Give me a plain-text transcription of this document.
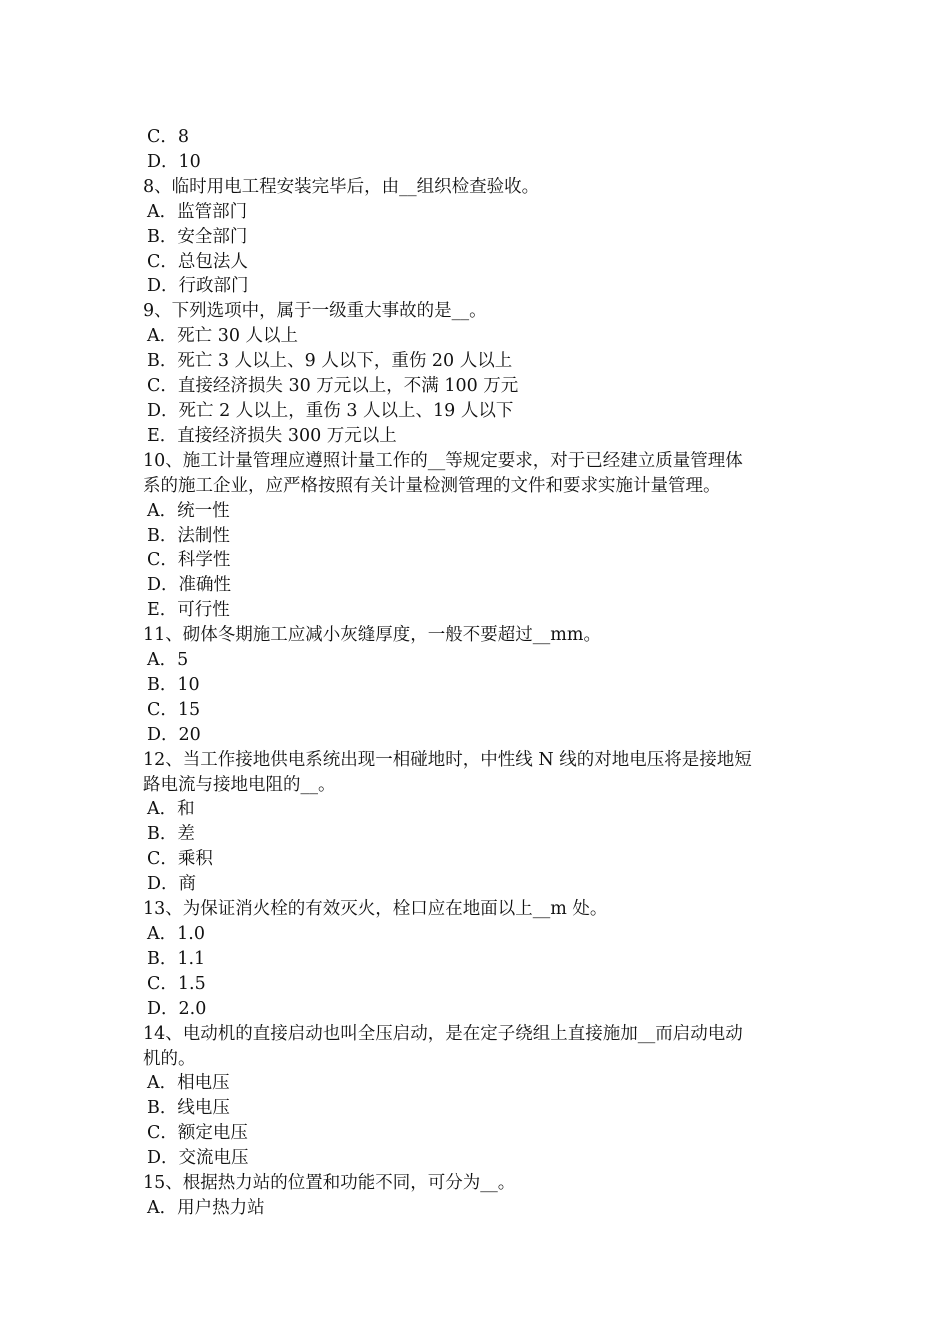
C．8
D．10
8、临时用电工程安装完毕后，由__组织检查验收。
A．监管部门
B．安全部门
C．总包法人
D．行政部门
9、下列选项中，属于一级重大事故的是__。
A．死亡 30 人以上
B．死亡 3 人以上、9 人以下，重伤 20 人以上
C．直接经济损失 30 万元以上，不满 100 万元
D．死亡 2 人以上，重伤 3 人以上、19 人以下
E．直接经济损失 300 万元以上
10、施工计量管理应遵照计量工作的__等规定要求，对于已经建立质量管理体
系的施工企业，应严格按照有关计量检测管理的文件和要求实施计量管理。
A．统一性
B．法制性
C．科学性
D．准确性
E．可行性
11、砌体冬期施工应减小灰缝厚度，一般不要超过__mm。
A．5
B．10
C．15
D．20
12、当工作接地供电系统出现一相碰地时，中性线 N 线的对地电压将是接地短
路电流与接地电阻的__。
A．和
B．差
C．乘积
D．商
13、为保证消火栓的有效灭火，栓口应在地面以上__m 处。
A．1.0
B．1.1
C．1.5
D．2.0
14、电动机的直接启动也叫全压启动，是在定子绕组上直接施加__而启动电动
机的。
A．相电压
B．线电压
C．额定电压
D．交流电压
15、根据热力站的位置和功能不同，可分为__。
A．用户热力站
